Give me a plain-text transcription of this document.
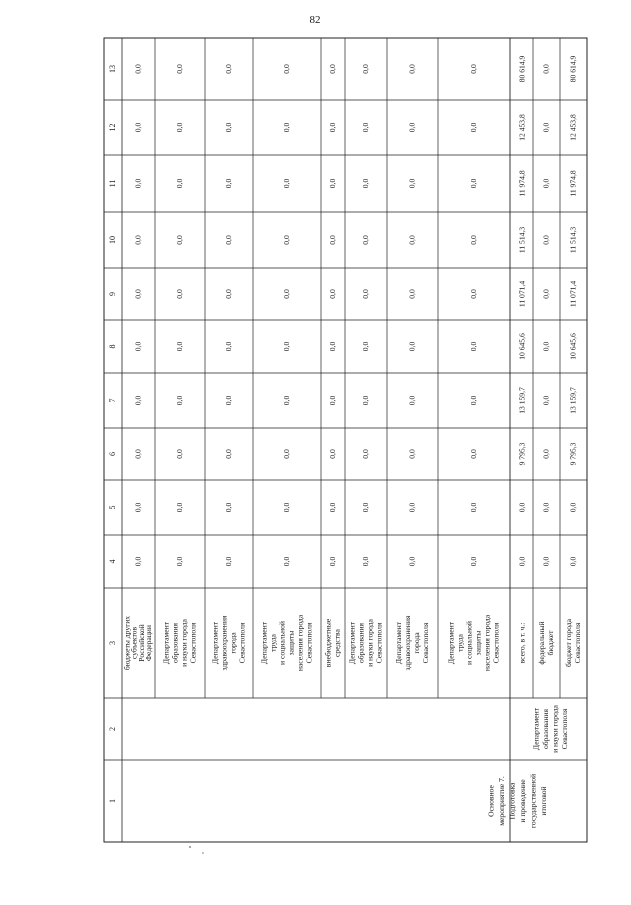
82
1
2
3
4
5
6
7
8
9
10
11
12
13
Основное мероприятие 7. Подготовка и проведение государственной итоговой
Департамент образования и науки города Севастополя
бюджеты других
субъектов
Российской
Федерации
0,0
0,0
0,0
0,0
0,0
0,0
0,0
0,0
0,0
0,0
Департамент образования и науки города Севастополя
0,0
0,0
0,0
0,0
0,0
0,0
0,0
0,0
0,0
0,0
Департамент здравоохранения города Севастополя
0,0
0,0
0,0
0,0
0,0
0,0
0,0
0,0
0,0
0,0
Департамент труда и социальной защиты населения города Севастополя
0,0
0,0
0,0
0,0
0,0
0,0
0,0
0,0
0,0
0,0
внебюджетные средства
0,0
0,0
0,0
0,0
0,0
0,0
0,0
0,0
0,0
0,0
Департамент образования и науки города Севастополя
0,0
0,0
0,0
0,0
0,0
0,0
0,0
0,0
0,0
0,0
Департамент здравоохранения города Севастополя
0,0
0,0
0,0
0,0
0,0
0,0
0,0
0,0
0,0
0,0
Департамент труда и социальной защиты населения города Севастополя
0,0
0,0
0,0
0,0
0,0
0,0
0,0
0,0
0,0
0,0
всего, в т. ч.:
0,0
0,0
9 795,3
13 159,7
10 645,6
11 071,4
11 514,3
11 974,8
12 453,8
80 614,9
федеральный бюджет
0,0
0,0
0,0
0,0
0,0
0,0
0,0
0,0
0,0
0,0
бюджет города Севастополя
0,0
0,0
9 795,3
13 159,7
10 645,6
11 071,4
11 514,3
11 974,8
12 453,8
80 614,9
